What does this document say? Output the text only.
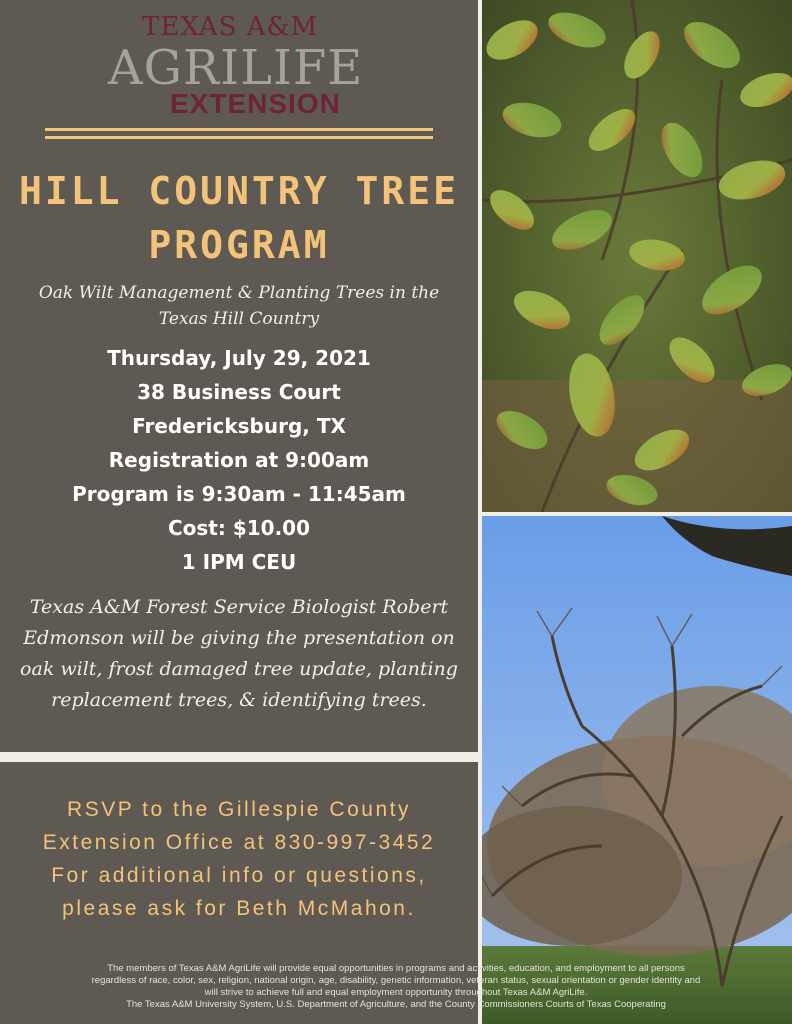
TEXAS A&M
AGRILIFE
EXTENSION
HILL COUNTRY TREE
PROGRAM
Oak Wilt Management & Planting Trees in the
Texas Hill Country
Thursday, July 29, 2021
38 Business Court
Fredericksburg, TX
Registration at 9:00am
Program is 9:30am - 11:45am
Cost: $10.00
1 IPM CEU
Texas A&M Forest Service Biologist Robert
Edmonson will be giving the presentation on
oak wilt, frost damaged tree update, planting
replacement trees, & identifying trees.
RSVP to the Gillespie County
Extension Office at 830-997-3452
For additional info or questions,
please ask for Beth McMahon.
The members of Texas A&M AgriLife will provide equal opportunities in programs and activities, education, and employment to all persons
regardless of race, color, sex, religion, national origin, age, disability, genetic information, veteran status, sexual orientation or gender identity and
will strive to achieve full and equal employment opportunity throughout Texas A&M AgriLife.
The Texas A&M University System, U.S. Department of Agriculture, and the County Commissioners Courts of Texas Cooperating
